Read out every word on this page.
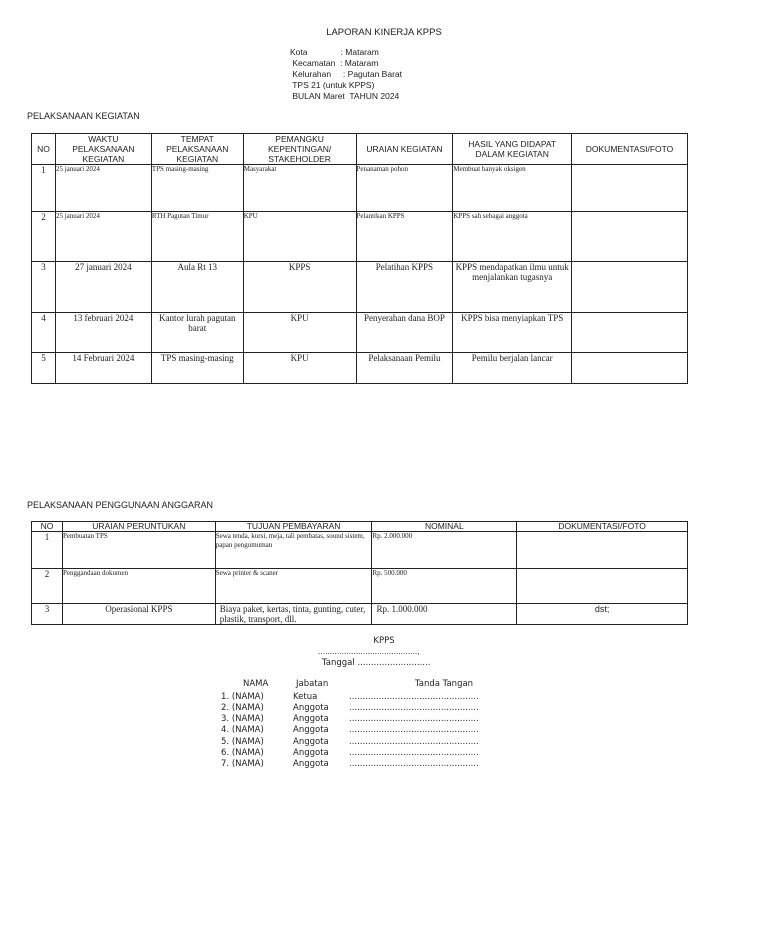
LAPORAN KINERJA KPPS
Kota              : Mataram
Kecamatan  : Mataram
Kelurahan     : Pagutan Barat
TPS 21 (untuk KPPS)
BULAN Maret  TAHUN 2024
PELAKSANAAN KEGIATAN
NO	WAKTU PELAKSANAAN KEGIATAN	TEMPAT PELAKSANAAN KEGIATAN	PEMANGKU KEPENTINGAN/ STAKEHOLDER	URAIAN KEGIATAN	HASIL YANG DIDAPAT DALAM KEGIATAN	DOKUMENTASI/FOTO
1	25 januari 2024	TPS masing-masing	Masyarakat	Penanaman pohon	Membuat banyak oksigen	

2	25 januari 2024	RTH Pagutan Timur	KPU	Pelantikan KPPS	KPPS sah sebagai anggota	

3	27 januari 2024	Aula Rt 13	KPPS	Pelatihan KPPS	KPPS mendapatkan ilmu untuk menjalankan tugasnya	

4	13 februari 2024	Kantor lurah pagutan barat	KPU	Penyerahan dana BOP	KPPS bisa menyiapkan TPS	

5	14 Februari 2024	TPS masing-masing	KPU	Pelaksanaan Pemilu	Pemilu berjalan lancar	
PELAKSANAAN PENGGUNAAN ANGGARAN
NO	URAIAN PERUNTUKAN	TUJUAN PEMBAYARAN	NOMINAL	DOKUMENTASI/FOTO
1	Pembuatan TPS	Sewa tenda, kursi, meja, tali pembatas, sound sistem, papan pengumuman	Rp. 2.000.000	

2	Penggandaan dokumen	Sewa printer & scaner	Rp. 500.000	

3	Operasional KPPS	Biaya paket, kertas, tinta, gunting, cuter, plastik, transport, dll.	Rp. 1.000.000	dst;
KPPS
..........................................,
Tanggal ...........................
NAMA	Jabatan	Tanda Tangan
1. (NAMA)	Ketua	................................................
2. (NAMA)	Anggota ................................................
3. (NAMA)	Anggota ................................................
4. (NAMA)	Anggota ................................................
5. (NAMA)	Anggota ................................................
6. (NAMA)	Anggota ................................................
7. (NAMA)	Anggota ................................................
